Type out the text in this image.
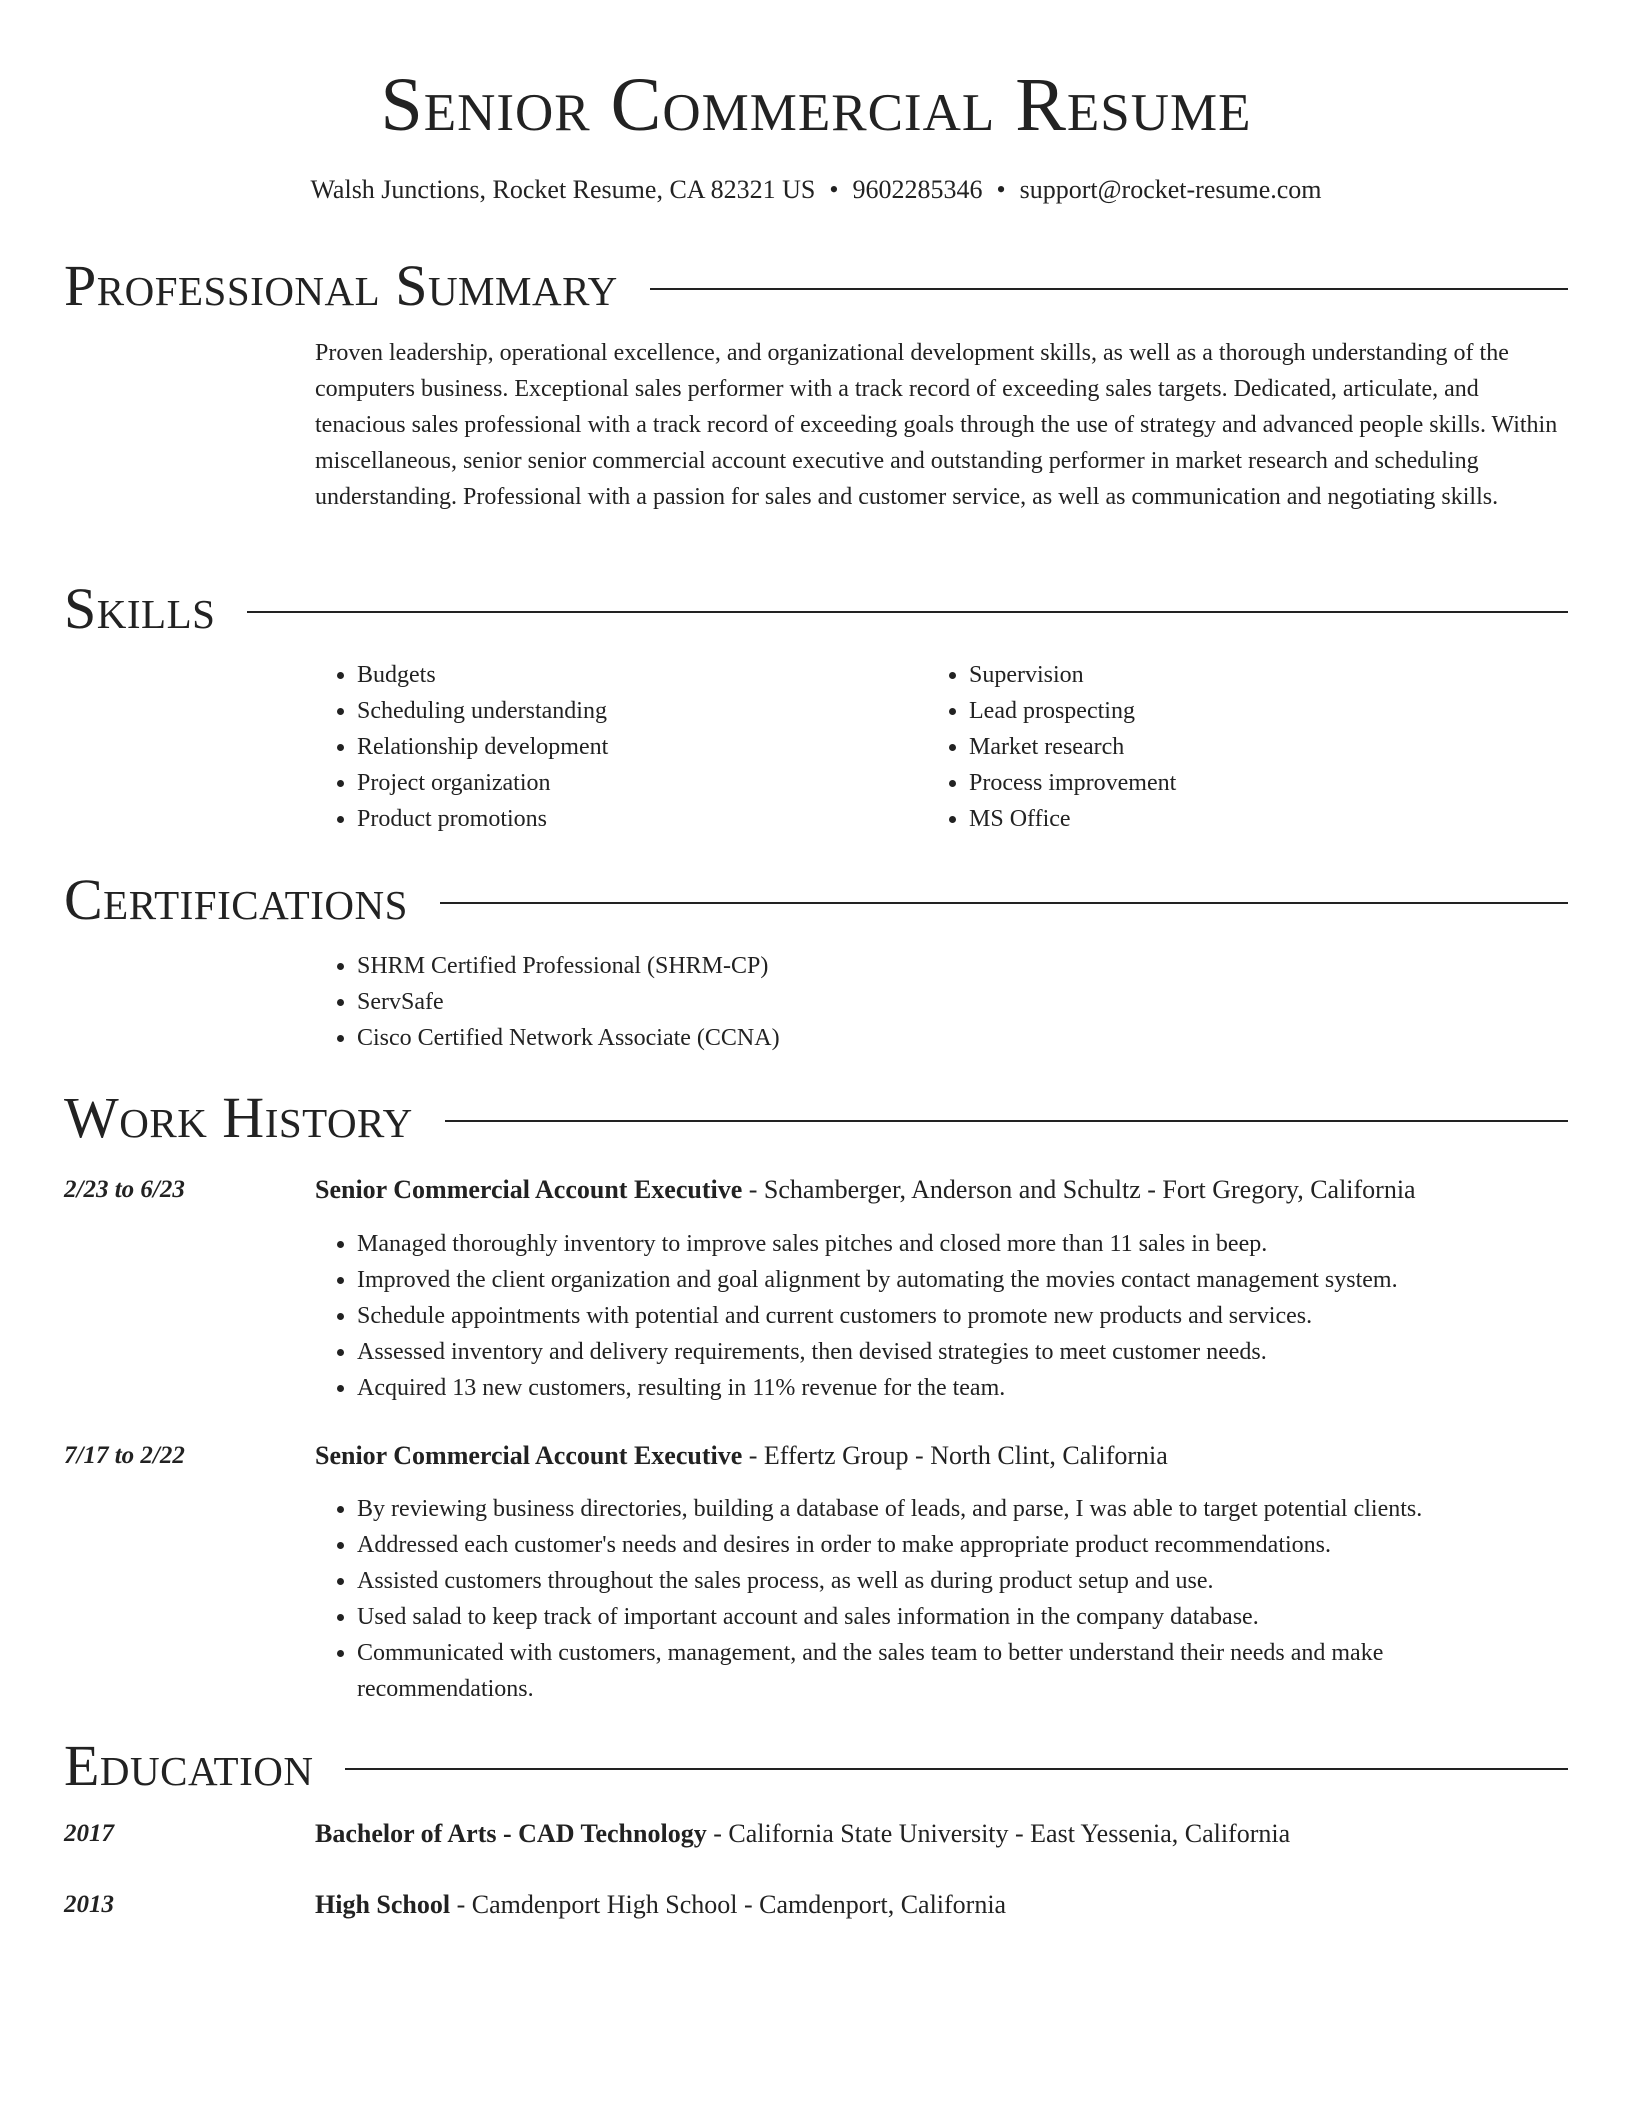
Senior Commercial Resume
Walsh Junctions, Rocket Resume, CA 82321 US • 9602285346 • support@rocket-resume.com
Professional Summary

Proven leadership, operational excellence, and organizational development skills, as well as a thorough understanding of the computers business. Exceptional sales performer with a track record of exceeding sales targets. Dedicated, articulate, and tenacious sales professional with a track record of exceeding goals through the use of strategy and advanced people skills. Within miscellaneous, senior senior commercial account executive and outstanding performer in market research and scheduling understanding. Professional with a passion for sales and customer service, as well as communication and negotiating skills.

Skills
• Budgets
• Scheduling understanding
• Relationship development
• Project organization
• Product promotions
• Supervision
• Lead prospecting
• Market research
• Process improvement
• MS Office
Certifications
• SHRM Certified Professional (SHRM-CP)
• ServSafe
• Cisco Certified Network Associate (CCNA)
Work History
2/23 to 6/23	Senior Commercial Account Executive - Schamberger, Anderson and Schultz - Fort Gregory, California
• Managed thoroughly inventory to improve sales pitches and closed more than 11 sales in beep.
• Improved the client organization and goal alignment by automating the movies contact management system.
• Schedule appointments with potential and current customers to promote new products and services.
• Assessed inventory and delivery requirements, then devised strategies to meet customer needs.
• Acquired 13 new customers, resulting in 11% revenue for the team.
7/17 to 2/22	Senior Commercial Account Executive - Effertz Group - North Clint, California
• By reviewing business directories, building a database of leads, and parse, I was able to target potential clients.
• Addressed each customer's needs and desires in order to make appropriate product recommendations.
• Assisted customers throughout the sales process, as well as during product setup and use.
• Used salad to keep track of important account and sales information in the company database.
• Communicated with customers, management, and the sales team to better understand their needs and make recommendations.
Education
2017	Bachelor of Arts - CAD Technology - California State University - East Yessenia, California
2013	High School - Camdenport High School - Camdenport, California
